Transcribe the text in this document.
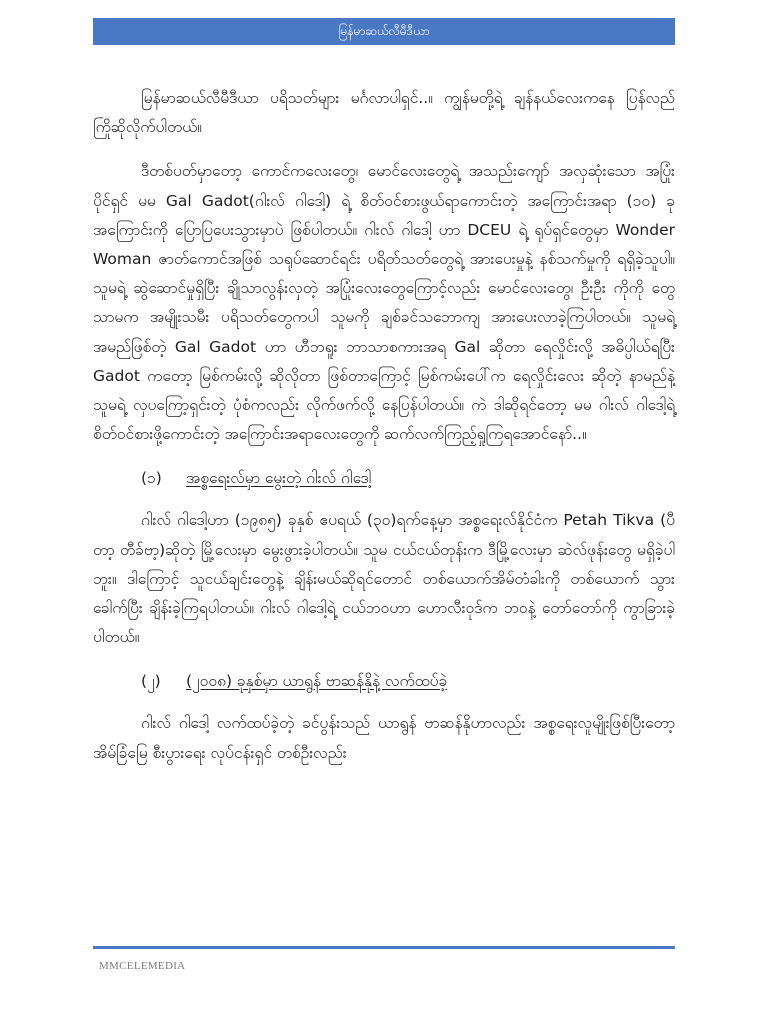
မြန်မာဆယ်လီမီဒီယာ

မြန်မာဆယ်လီမီဒီယာ ပရိသတ်များ မင်္ဂလာပါရှင်..။ ကျွန်မတို့ရဲ့ ချန်နယ်လေးကနေ ပြန်လည်ကြိုဆိုလိုက်ပါတယ်။

ဒီတစ်ပတ်မှာတော့ ကောင်ကလေးတွေ၊ မောင်လေးတွေရဲ့ အသည်းကျော် အလှဆုံးသော အပြုံးပိုင်ရှင် မမ Gal Gadot(ဂါးလ် ဂါဒေါ့) ရဲ့ စိတ်ဝင်စားဖွယ်ရာကောင်းတဲ့ အကြောင်းအရာ (၁၀) ခု အကြောင်းကို ပြောပြပေးသွားမှာပဲ ဖြစ်ပါတယ်။ ဂါးလ် ဂါဒေါ့ ဟာ DCEU ရဲ့ ရုပ်ရှင်တွေမှာ Wonder Woman ဇာတ်ကောင်အဖြစ် သရုပ်ဆောင်ရင်း ပရိတ်သတ်တွေရဲ့ အားပေးမှုနဲ့ နစ်သက်မှုကို ရရှိခဲ့သူပါ။ သူမရဲ့ ဆွဲဆောင်မှုရှိပြီး ချိုသာလွန်းလှတဲ့ အပြုံးလေးတွေကြောင့်လည်း မောင်လေးတွေ၊ ဦးဦး ကိုကို တွေသာမက အမျိုးသမီး ပရိသတ်တွေကပါ သူမကို ချစ်ခင်သဘောကျ အားပေးလာခဲ့ကြပါတယ်။ သူမရဲ့ အမည်ဖြစ်တဲ့ Gal Gadot ဟာ ဟီဘရူး ဘာသာစကားအရ Gal ဆိုတာ ရေလှိုင်းလို့ အဓိပ္ပါယ်ရပြီး Gadot ကတော့ မြစ်ကမ်းလို့ ဆိုလိုတာ ဖြစ်တာကြောင့် မြစ်ကမ်းပေါ်က ရေလှိုင်းလေး ဆိုတဲ့ နာမည်နဲ့ သူမရဲ့ လှပကြော့ရှင်းတဲ့ ပုံစံကလည်း လိုက်ဖက်လို့ နေပြန်ပါတယ်။ ကဲ ဒါဆိုရင်တော့ မမ ဂါးလ် ဂါဒေါ့ရဲ့ စိတ်ဝင်စားဖို့ကောင်းတဲ့ အကြောင်းအရာလေးတွေကို ဆက်လက်ကြည့်ရှုကြရအောင်နော်..။

(၁)	အစ္စရေးလ်မှာ မွေးတဲ့ ဂါးလ် ဂါဒေါ့

ဂါးလ် ဂါဒေါ့ဟာ (၁၉၈၅) ခုနှစ် ဧပရယ် (၃၀)ရက်နေ့မှာ အစ္စရေးလ်နိုင်ငံက Petah Tikva (ပီတာ့ တီခ်ဗာ့)ဆိုတဲ့ မြို့လေးမှာ မွေးဖွားခဲ့ပါတယ်။ သူမ ငယ်ငယ်တုန်းက ဒီမြို့လေးမှာ ဆဲလ်ဖုန်းတွေ မရှိခဲ့ပါဘူး။ ဒါကြောင့် သူငယ်ချင်းတွေနဲ့ ချိန်းမယ်ဆိုရင်တောင် တစ်ယောက်အိမ်တံခါးကို တစ်ယောက် သွားခေါက်ပြီး ချိန်းခဲ့ကြရပါတယ်။ ဂါးလ် ဂါဒေါ့ရဲ့ ငယ်ဘဝဟာ ဟောလီးဝုဒ်က ဘဝနဲ့ တော်တော်ကို ကွာခြားခဲ့ပါတယ်။

(၂)	(၂၀၀၈) ခုနှစ်မှာ ယာရွန် ဗာဆန်နိုနဲ့ လက်ထပ်ခဲ့

ဂါးလ် ဂါဒေါ့ လက်ထပ်ခဲ့တဲ့ ခင်ပွန်းသည် ယာရွန် ဗာဆန်နိုဟာလည်း အစ္စရေးလူမျိုးဖြစ်ပြီးတော့ အိမ်ခြံမြေ စီးပွားရေး လုပ်ငန်းရှင် တစ်ဦးလည်း

MMCELEMEDIA
